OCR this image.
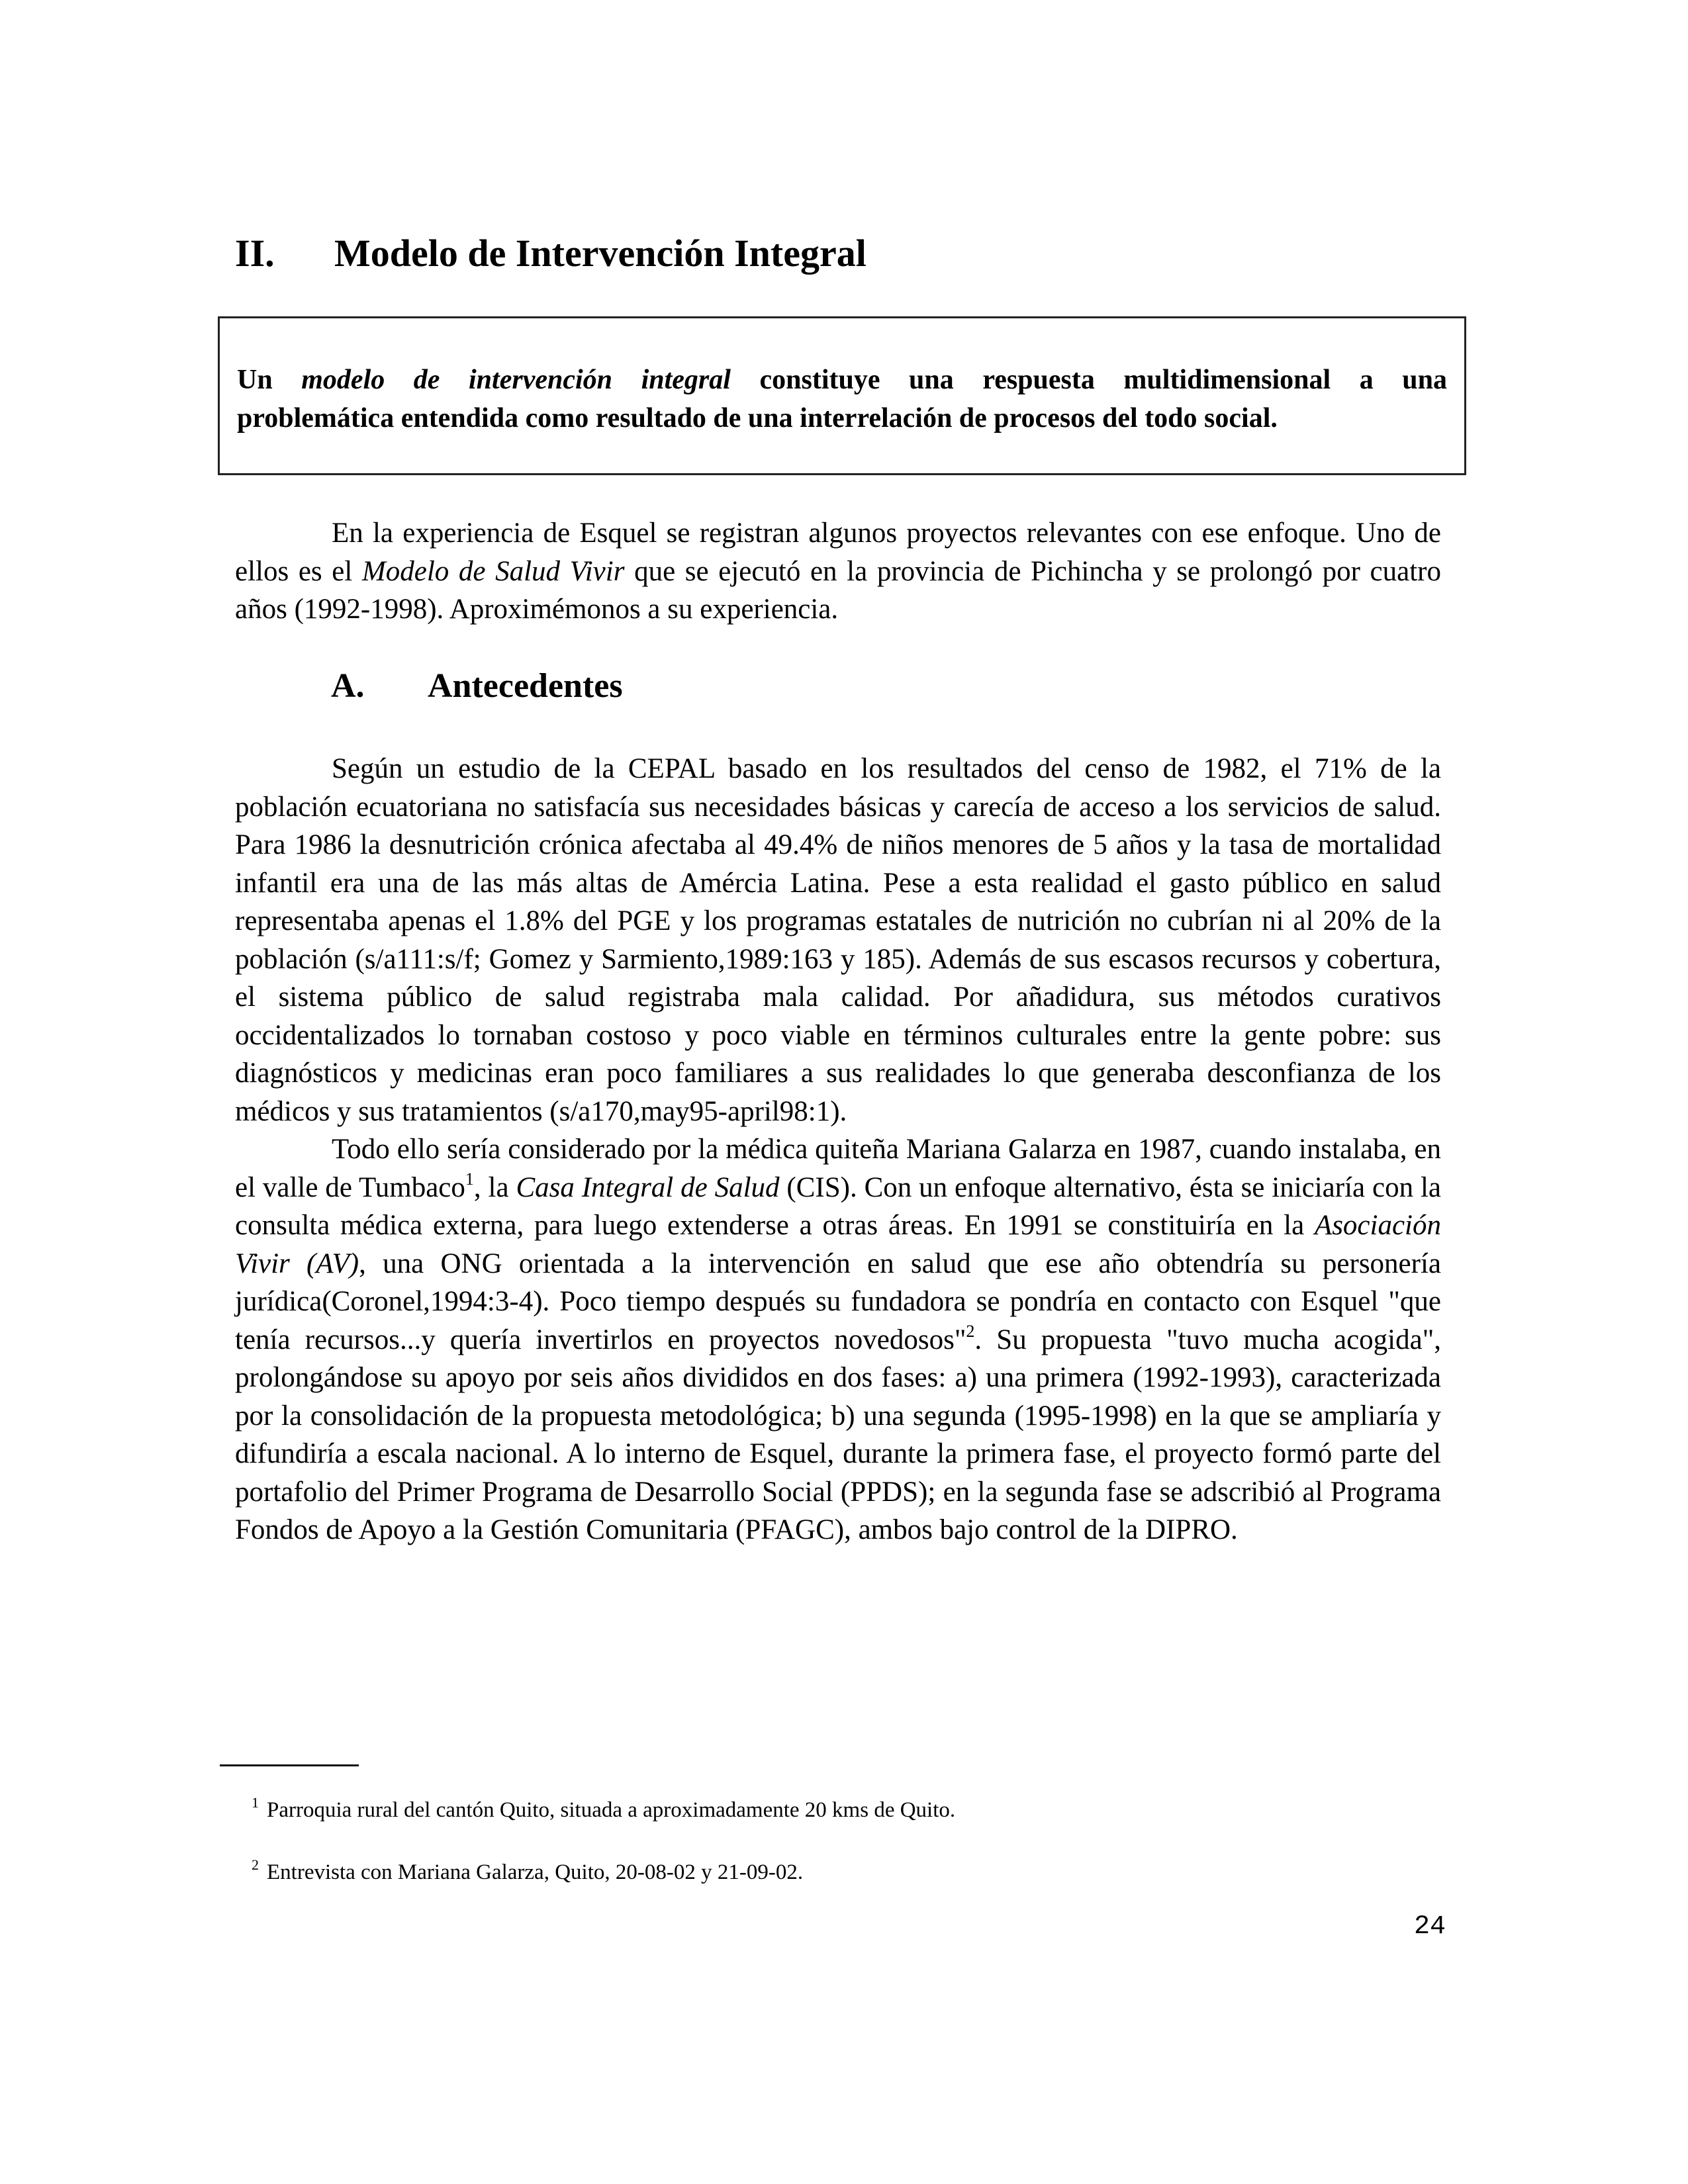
II. Modelo de Intervención Integral
Un modelo de intervención integral constituye una respuesta multidimensional a una
problemática entendida como resultado de una interrelación de procesos del todo social.

En la experiencia de Esquel se registran algunos proyectos relevantes con ese enfoque. Uno de ellos es el Modelo de Salud Vivir que se ejecutó en la provincia de Pichincha y se prolongó por cuatro años (1992-1998). Aproximémonos a su experiencia.

A. Antecedentes

Según un estudio de la CEPAL basado en los resultados del censo de 1982, el 71% de la población ecuatoriana no satisfacía sus necesidades básicas y carecía de acceso a los servicios de salud. Para 1986 la desnutrición crónica afectaba al 49.4% de niños menores de 5 años y la tasa de mortalidad infantil era una de las más altas de Amércia Latina. Pese a esta realidad el gasto público en salud representaba apenas el 1.8% del PGE y los programas estatales de nutrición no cubrían ni al 20% de la población (s/a111:s/f; Gomez y Sarmiento,1989:163 y 185). Además de sus escasos recursos y cobertura, el sistema público de salud registraba mala calidad. Por añadidura, sus métodos curativos occidentalizados lo tornaban costoso y poco viable en términos culturales entre la gente pobre: sus diagnósticos y medicinas eran poco familiares a sus realidades lo que generaba desconfianza de los médicos y sus tratamientos (s/a170,may95-april98:1).

Todo ello sería considerado por la médica quiteña Mariana Galarza en 1987, cuando instalaba, en el valle de Tumbaco$^1$, la Casa Integral de Salud (CIS). Con un enfoque alternativo, ésta se iniciaría con la consulta médica externa, para luego extenderse a otras áreas. En 1991 se constituiría en la Asociación Vivir (AV), una ONG orientada a la intervención en salud que ese año obtendría su personería jurídica(Coronel,1994:3-4). Poco tiempo después su fundadora se pondría en contacto con Esquel "que tenía recursos...y quería invertirlos en proyectos novedosos"$^2$. Su propuesta "tuvo mucha acogida", prolongándose su apoyo por seis años divididos en dos fases: a) una primera (1992-1993), caracterizada por la consolidación de la propuesta metodológica; b) una segunda (1995-1998) en la que se ampliaría y difundiría a escala nacional. A lo interno de Esquel, durante la primera fase, el proyecto formó parte del portafolio del Primer Programa de Desarrollo Social (PPDS); en la segunda fase se adscribió al Programa Fondos de Apoyo a la Gestión Comunitaria (PFAGC), ambos bajo control de la DIPRO.

$^1$ Parroquia rural del cantón Quito, situada a aproximadamente 20 kms de Quito.
$^2$ Entrevista con Mariana Galarza, Quito, 20-08-02 y 21-09-02.
24
